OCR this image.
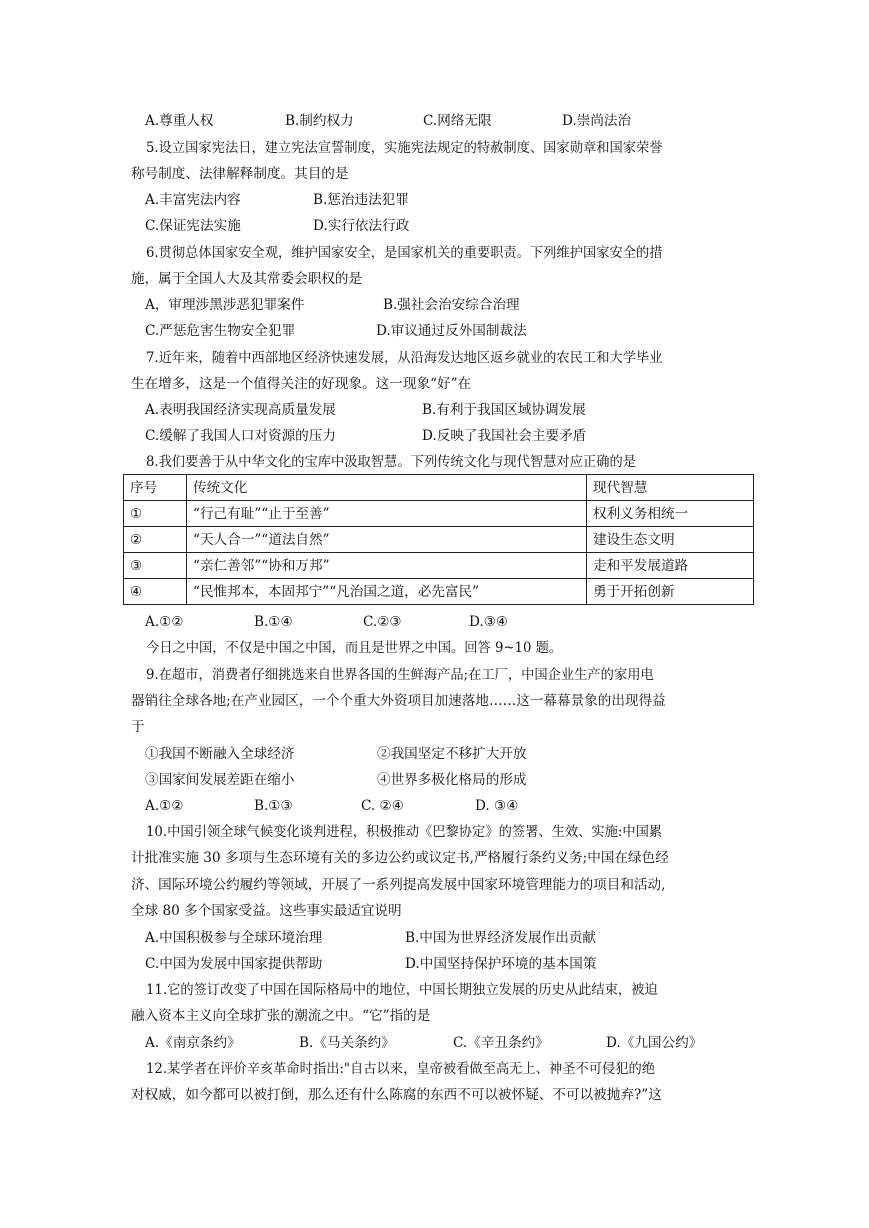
A.尊重人权	B.制约权力	C.网络无限	D.崇尚法治
5.设立国家宪法日，建立宪法宣誓制度，实施宪法规定的特赦制度、国家勋章和国家荣誉
称号制度、法律解释制度。其目的是
A.丰富宪法内容	B.惩治违法犯罪
C.保证宪法实施	D.实行依法行政
6.贯彻总体国家安全观，维护国家安全，是国家机关的重要职责。下列维护国家安全的措
施，属于全国人大及其常委会职权的是
A，审理涉黑涉恶犯罪案件	B.强社会治安综合治理
C.严惩危害生物安全犯罪	D.审议通过反外国制裁法
7.近年来，随着中西部地区经济快速发展，从沿海发达地区返乡就业的农民工和大学毕业
生在增多，这是一个值得关注的好现象。这一现象“好”在
A.表明我国经济实现高质量发展	B.有利于我国区域协调发展
C.缓解了我国人口对资源的压力	D.反映了我国社会主要矛盾
8.我们要善于从中华文化的宝库中汲取智慧。下列传统文化与现代智慧对应正确的是
序号	传统文化	现代智慧
①	“行己有耻”“止于至善”	权利义务相统一
②	“天人合一”“道法自然”	建设生态文明
③	“亲仁善邻”“协和万邦”	走和平发展道路
④	“民惟邦本，本固邦宁”“凡治国之道，必先富民”	勇于开拓创新
A.①②	B.①④	C.②③	D.③④
今日之中国，不仅是中国之中国，而且是世界之中国。回答 9~10 题。
9.在超市，消费者仔细挑选来自世界各国的生鲜海产品;在工厂，中国企业生产的家用电
器销往全球各地;在产业园区，一个个重大外资项目加速落地……这一幕幕景象的出现得益
于
①我国不断融入全球经济	②我国坚定不移扩大开放
③国家间发展差距在缩小	④世界多极化格局的形成
A.①②	B.①③	C. ②④	D. ③④
10.中国引领全球气候变化谈判进程，积极推动《巴黎协定》的签署、生效、实施:中国累
计批准实施 30 多项与生态环境有关的多边公约或议定书,严格履行条约义务;中国在绿色经
济、国际环境公约履约等领域，开展了一系列提高发展中国家环境管理能力的项目和活动,
全球 80 多个国家受益。这些事实最适宜说明
A.中国积极参与全球环境治理	B.中国为世界经济发展作出贡献
C.中国为发展中国家提供帮助	D.中国坚持保护环境的基本国策
11.它的签订改变了中国在国际格局中的地位，中国长期独立发展的历史从此结束，被迫
融入资本主义向全球扩张的潮流之中。“它”指的是
A.《南京条约》	B.《马关条约》	C.《辛丑条约》	D.《九国公约》
12.某学者在评价辛亥革命时指出:"自古以来，皇帝被看做至高无上、神圣不可侵犯的绝
对权威，如今都可以被打倒，那么还有什么陈腐的东西不可以被怀疑、不可以被抛弃?”这
